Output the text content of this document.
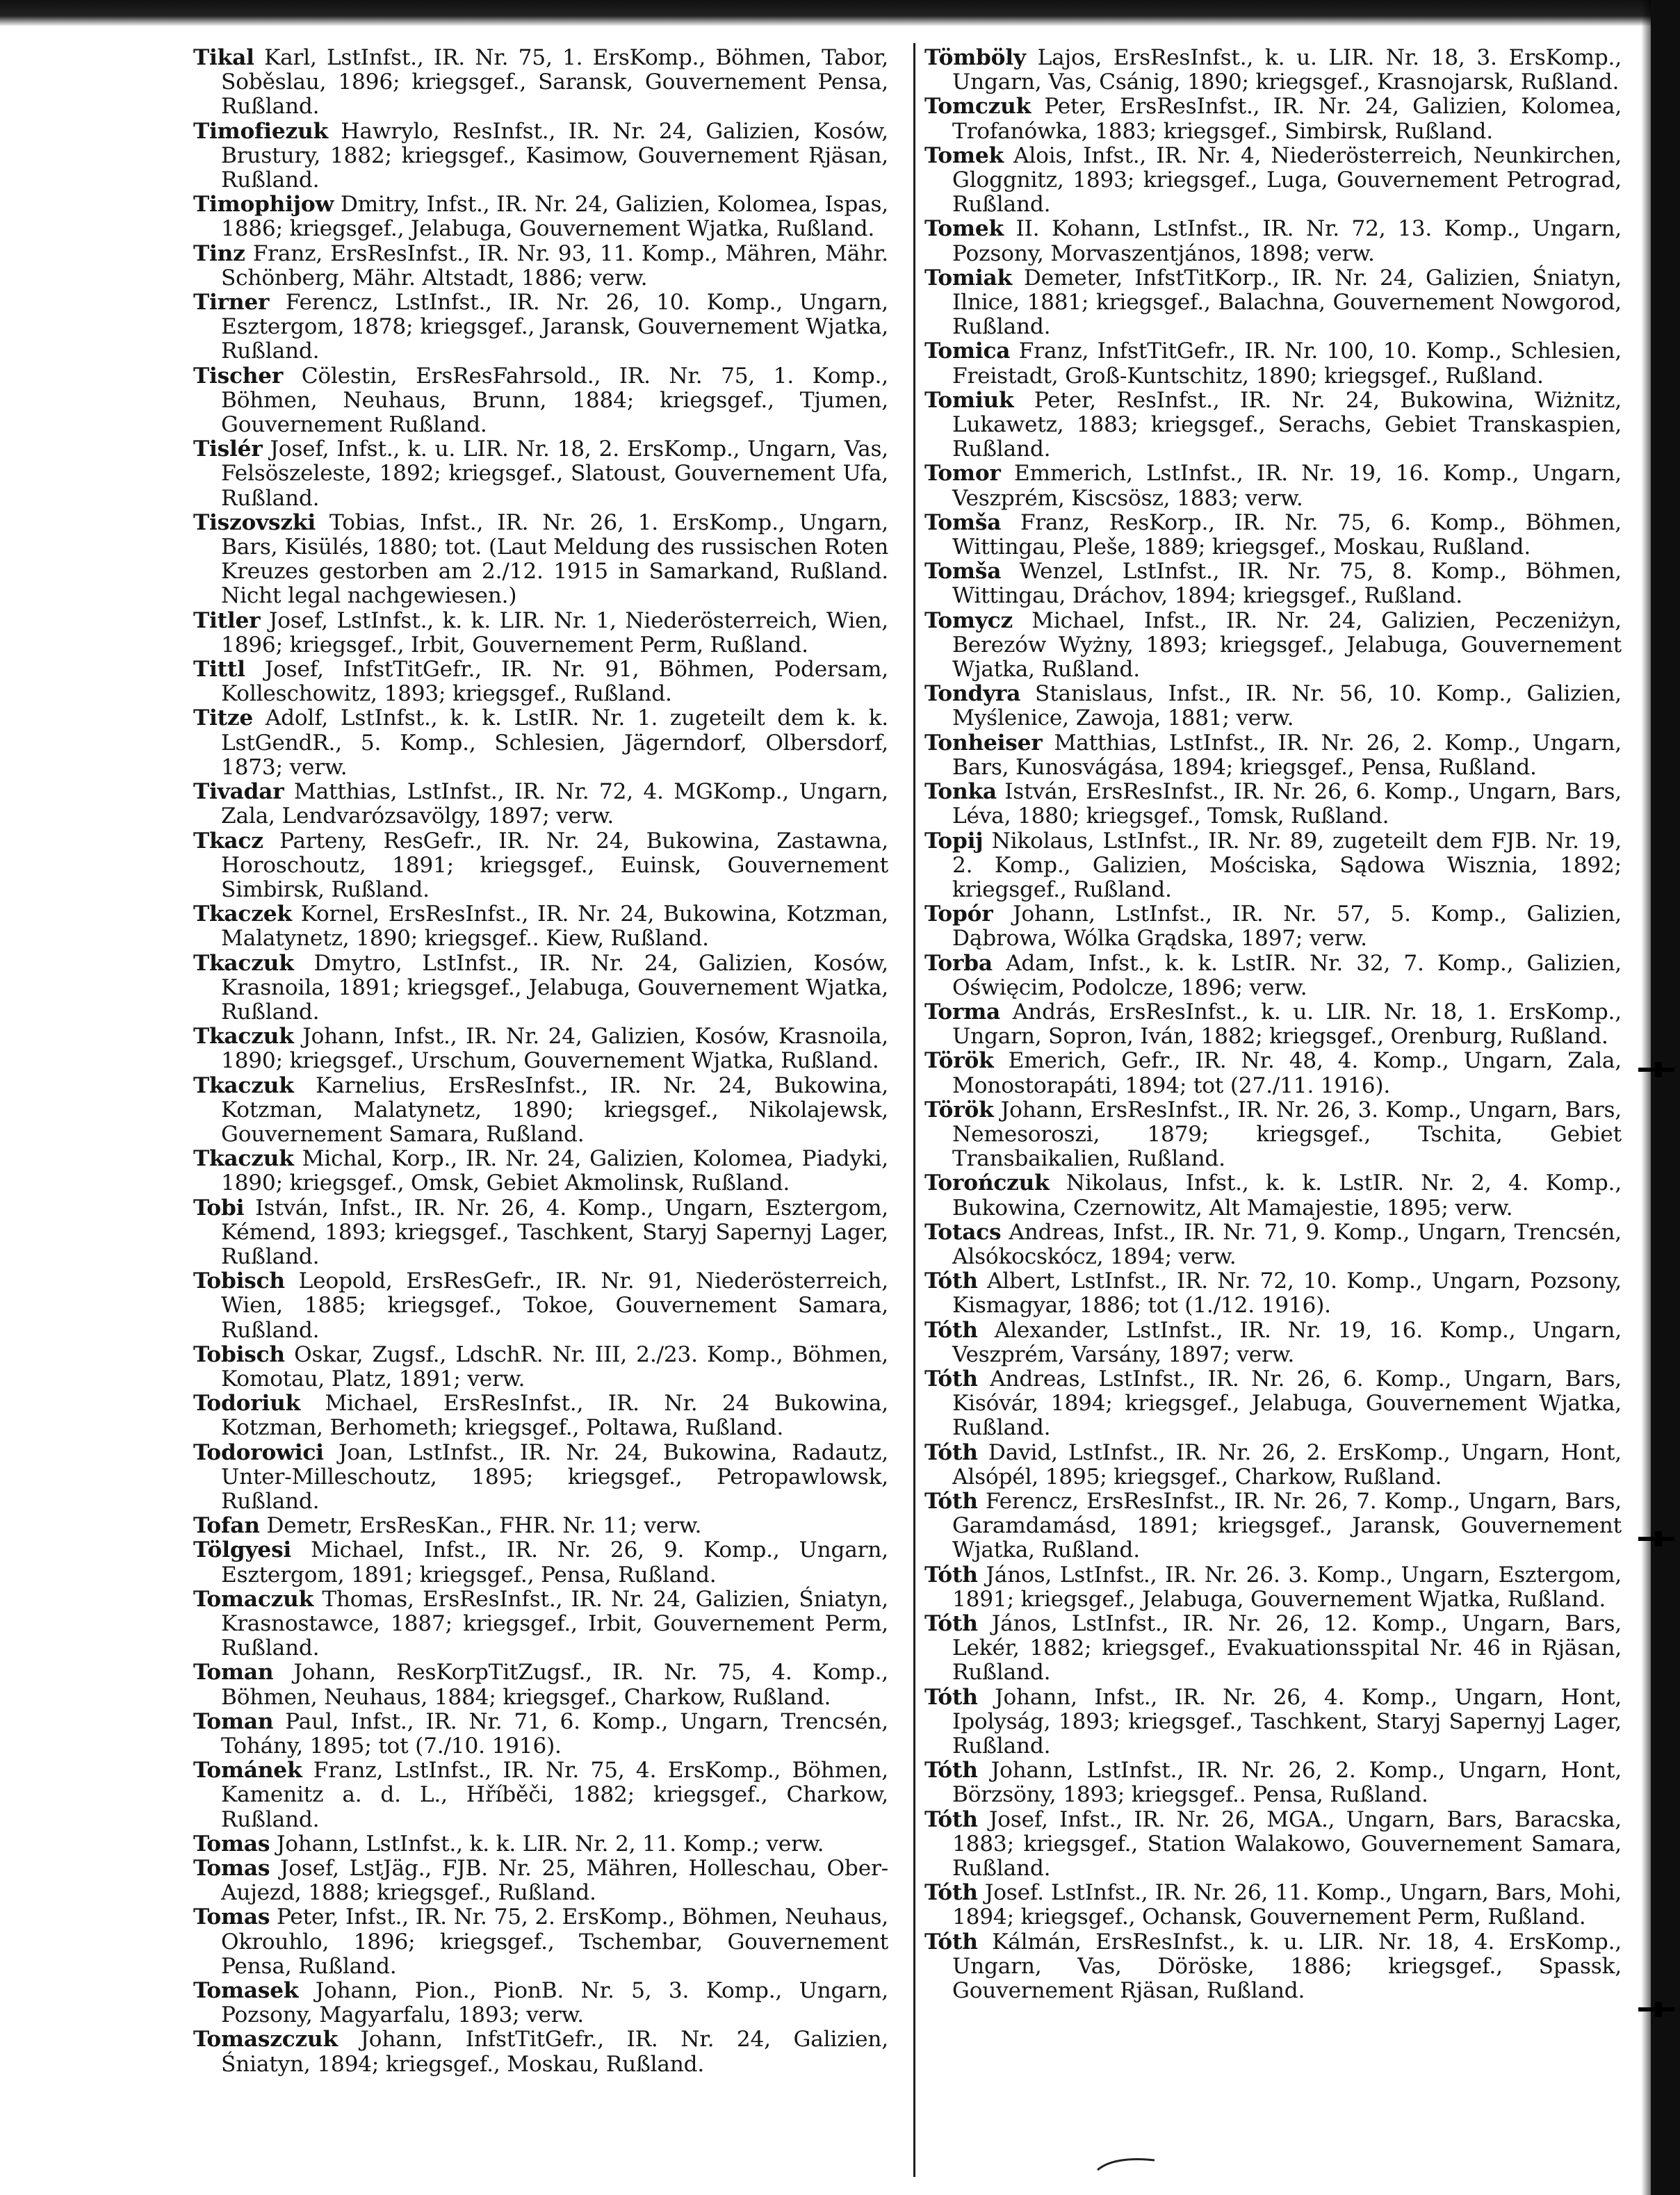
Tikal Karl, LstInfst., IR. Nr. 75, 1. ErsKomp., Böhmen, Tabor, Soběslau, 1896; kriegsgef., Saransk, Gouvernement Pensa, Rußland.

Timofiezuk Hawrylo, ResInfst., IR. Nr. 24, Galizien, Kosów, Brustury, 1882; kriegsgef., Kasimow, Gouvernement Rjäsan, Rußland.

Timophijow Dmitry, Infst., IR. Nr. 24, Galizien, Kolomea, Ispas, 1886; kriegsgef., Jelabuga, Gouvernement Wjatka, Rußland.

Tinz Franz, ErsResInfst., IR. Nr. 93, 11. Komp., Mähren, Mähr. Schönberg, Mähr. Altstadt, 1886; verw.

Tirner Ferencz, LstInfst., IR. Nr. 26, 10. Komp., Ungarn, Esztergom, 1878; kriegsgef., Jaransk, Gouvernement Wjatka, Rußland.

Tischer Cölestin, ErsResFahrsold., IR. Nr. 75, 1. Komp., Böhmen, Neuhaus, Brunn, 1884; kriegsgef., Tjumen, Gouvernement Rußland.

Tislér Josef, Infst., k. u. LIR. Nr. 18, 2. ErsKomp., Ungarn, Vas, Felsöszeleste, 1892; kriegsgef., Slatoust, Gouvernement Ufa, Rußland.

Tiszovszki Tobias, Infst., IR. Nr. 26, 1. ErsKomp., Ungarn, Bars, Kisülés, 1880; tot. (Laut Meldung des russischen Roten Kreuzes gestorben am 2./12. 1915 in Samarkand, Rußland. Nicht legal nachgewiesen.)

Titler Josef, LstInfst., k. k. LIR. Nr. 1, Niederösterreich, Wien, 1896; kriegsgef., Irbit, Gouvernement Perm, Rußland.

Tittl Josef, InfstTitGefr., IR. Nr. 91, Böhmen, Podersam, Kolleschowitz, 1893; kriegsgef., Rußland.

Titze Adolf, LstInfst., k. k. LstIR. Nr. 1. zugeteilt dem k. k. LstGendR., 5. Komp., Schlesien, Jägerndorf, Olbersdorf, 1873; verw.

Tivadar Matthias, LstInfst., IR. Nr. 72, 4. MGKomp., Ungarn, Zala, Lendvarózsavölgy, 1897; verw.

Tkacz Parteny, ResGefr., IR. Nr. 24, Bukowina, Zastawna, Horoschoutz, 1891; kriegsgef., Euinsk, Gouvernement Simbirsk, Rußland.

Tkaczek Kornel, ErsResInfst., IR. Nr. 24, Bukowina, Kotzman, Malatynetz, 1890; kriegsgef.. Kiew, Rußland.

Tkaczuk Dmytro, LstInfst., IR. Nr. 24, Galizien, Kosów, Krasnoila, 1891; kriegsgef., Jelabuga, Gouvernement Wjatka, Rußland.

Tkaczuk Johann, Infst., IR. Nr. 24, Galizien, Kosów, Krasnoila, 1890; kriegsgef., Urschum, Gouvernement Wjatka, Rußland.

Tkaczuk Karnelius, ErsResInfst., IR. Nr. 24, Bukowina, Kotzman, Malatynetz, 1890; kriegsgef., Nikolajewsk, Gouvernement Samara, Rußland.

Tkaczuk Michal, Korp., IR. Nr. 24, Galizien, Kolomea, Piadyki, 1890; kriegsgef., Omsk, Gebiet Akmolinsk, Rußland.

Tobi István, Infst., IR. Nr. 26, 4. Komp., Ungarn, Esztergom, Kémend, 1893; kriegsgef., Taschkent, Staryj Sapernyj Lager, Rußland.

Tobisch Leopold, ErsResGefr., IR. Nr. 91, Niederösterreich, Wien, 1885; kriegsgef., Tokoe, Gouvernement Samara, Rußland.

Tobisch Oskar, Zugsf., LdschR. Nr. III, 2./23. Komp., Böhmen, Komotau, Platz, 1891; verw.

Todoriuk Michael, ErsResInfst., IR. Nr. 24 Bukowina, Kotzman, Berhometh; kriegsgef., Poltawa, Rußland.

Todorowici Joan, LstInfst., IR. Nr. 24, Bukowina, Radautz, Unter-Milleschoutz, 1895; kriegsgef., Petropawlowsk, Rußland.

Tofan Demetr, ErsResKan., FHR. Nr. 11; verw.

Tölgyesi Michael, Infst., IR. Nr. 26, 9. Komp., Ungarn, Esztergom, 1891; kriegsgef., Pensa, Rußland.

Tomaczuk Thomas, ErsResInfst., IR. Nr. 24, Galizien, Śniatyn, Krasnostawce, 1887; kriegsgef., Irbit, Gouvernement Perm, Rußland.

Toman Johann, ResKorpTitZugsf., IR. Nr. 75, 4. Komp., Böhmen, Neuhaus, 1884; kriegsgef., Charkow, Rußland.

Toman Paul, Infst., IR. Nr. 71, 6. Komp., Ungarn, Trencsén, Tohány, 1895; tot (7./10. 1916).

Tománek Franz, LstInfst., IR. Nr. 75, 4. ErsKomp., Böhmen, Kamenitz a. d. L., Hříběči, 1882; kriegsgef., Charkow, Rußland.

Tomas Johann, LstInfst., k. k. LIR. Nr. 2, 11. Komp.; verw.

Tomas Josef, LstJäg., FJB. Nr. 25, Mähren, Holleschau, Ober-Aujezd, 1888; kriegsgef., Rußland.

Tomas Peter, Infst., IR. Nr. 75, 2. ErsKomp., Böhmen, Neuhaus, Okrouhlo, 1896; kriegsgef., Tschembar, Gouvernement Pensa, Rußland.

Tomasek Johann, Pion., PionB. Nr. 5, 3. Komp., Ungarn, Pozsony, Magyarfalu, 1893; verw.

Tomaszczuk Johann, InfstTitGefr., IR. Nr. 24, Galizien, Śniatyn, 1894; kriegsgef., Moskau, Rußland.

Tömböly Lajos, ErsResInfst., k. u. LIR. Nr. 18, 3. ErsKomp., Ungarn, Vas, Csánig, 1890; kriegsgef., Krasnojarsk, Rußland.

Tomczuk Peter, ErsResInfst., IR. Nr. 24, Galizien, Kolomea, Trofanówka, 1883; kriegsgef., Simbirsk, Rußland.

Tomek Alois, Infst., IR. Nr. 4, Niederösterreich, Neunkirchen, Gloggnitz, 1893; kriegsgef., Luga, Gouvernement Petrograd, Rußland.

Tomek II. Kohann, LstInfst., IR. Nr. 72, 13. Komp., Ungarn, Pozsony, Morvaszentjános, 1898; verw.

Tomiak Demeter, InfstTitKorp., IR. Nr. 24, Galizien, Śniatyn, Ilnice, 1881; kriegsgef., Balachna, Gouvernement Nowgorod, Rußland.

Tomica Franz, InfstTitGefr., IR. Nr. 100, 10. Komp., Schlesien, Freistadt, Groß-Kuntschitz, 1890; kriegsgef., Rußland.

Tomiuk Peter, ResInfst., IR. Nr. 24, Bukowina, Wiżnitz, Lukawetz, 1883; kriegsgef., Serachs, Gebiet Transkaspien, Rußland.

Tomor Emmerich, LstInfst., IR. Nr. 19, 16. Komp., Ungarn, Veszprém, Kiscsösz, 1883; verw.

Tomša Franz, ResKorp., IR. Nr. 75, 6. Komp., Böhmen, Wittingau, Pleše, 1889; kriegsgef., Moskau, Rußland.

Tomša Wenzel, LstInfst., IR. Nr. 75, 8. Komp., Böhmen, Wittingau, Dráchov, 1894; kriegsgef., Rußland.

Tomycz Michael, Infst., IR. Nr. 24, Galizien, Peczeniżyn, Berezów Wyżny, 1893; kriegsgef., Jelabuga, Gouvernement Wjatka, Rußland.

Tondyra Stanislaus, Infst., IR. Nr. 56, 10. Komp., Galizien, Myślenice, Zawoja, 1881; verw.

Tonheiser Matthias, LstInfst., IR. Nr. 26, 2. Komp., Ungarn, Bars, Kunosvágása, 1894; kriegsgef., Pensa, Rußland.

Tonka István, ErsResInfst., IR. Nr. 26, 6. Komp., Ungarn, Bars, Léva, 1880; kriegsgef., Tomsk, Rußland.

Topij Nikolaus, LstInfst., IR. Nr. 89, zugeteilt dem FJB. Nr. 19, 2. Komp., Galizien, Mościska, Sądowa Wisznia, 1892; kriegsgef., Rußland.

Topór Johann, LstInfst., IR. Nr. 57, 5. Komp., Galizien, Dąbrowa, Wólka Grądska, 1897; verw.

Torba Adam, Infst., k. k. LstIR. Nr. 32, 7. Komp., Galizien, Oświęcim, Podolcze, 1896; verw.

Torma András, ErsResInfst., k. u. LIR. Nr. 18, 1. ErsKomp., Ungarn, Sopron, Iván, 1882; kriegsgef., Orenburg, Rußland.

Török Emerich, Gefr., IR. Nr. 48, 4. Komp., Ungarn, Zala, Monostorapáti, 1894; tot (27./11. 1916).

Török Johann, ErsResInfst., IR. Nr. 26, 3. Komp., Ungarn, Bars, Nemesoroszi, 1879; kriegsgef., Tschita, Gebiet Transbaikalien, Rußland.

Torończuk Nikolaus, Infst., k. k. LstIR. Nr. 2, 4. Komp., Bukowina, Czernowitz, Alt Mamajestie, 1895; verw.

Totacs Andreas, Infst., IR. Nr. 71, 9. Komp., Ungarn, Trencsén, Alsókocskócz, 1894; verw.

Tóth Albert, LstInfst., IR. Nr. 72, 10. Komp., Ungarn, Pozsony, Kismagyar, 1886; tot (1./12. 1916).

Tóth Alexander, LstInfst., IR. Nr. 19, 16. Komp., Ungarn, Veszprém, Varsány, 1897; verw.

Tóth Andreas, LstInfst., IR. Nr. 26, 6. Komp., Ungarn, Bars, Kisóvár, 1894; kriegsgef., Jelabuga, Gouvernement Wjatka, Rußland.

Tóth David, LstInfst., IR. Nr. 26, 2. ErsKomp., Ungarn, Hont, Alsópél, 1895; kriegsgef., Charkow, Rußland.

Tóth Ferencz, ErsResInfst., IR. Nr. 26, 7. Komp., Ungarn, Bars, Garamdamásd, 1891; kriegsgef., Jaransk, Gouvernement Wjatka, Rußland.

Tóth János, LstInfst., IR. Nr. 26. 3. Komp., Ungarn, Esztergom, 1891; kriegsgef., Jelabuga, Gouvernement Wjatka, Rußland.

Tóth János, LstInfst., IR. Nr. 26, 12. Komp., Ungarn, Bars, Lekér, 1882; kriegsgef., Evakuationsspital Nr. 46 in Rjäsan, Rußland.

Tóth Johann, Infst., IR. Nr. 26, 4. Komp., Ungarn, Hont, Ipolyság, 1893; kriegsgef., Taschkent, Staryj Sapernyj Lager, Rußland.

Tóth Johann, LstInfst., IR. Nr. 26, 2. Komp., Ungarn, Hont, Börzsöny, 1893; kriegsgef.. Pensa, Rußland.

Tóth Josef, Infst., IR. Nr. 26, MGA., Ungarn, Bars, Baracska, 1883; kriegsgef., Station Walakowo, Gouvernement Samara, Rußland.

Tóth Josef. LstInfst., IR. Nr. 26, 11. Komp., Ungarn, Bars, Mohi, 1894; kriegsgef., Ochansk, Gouvernement Perm, Rußland.

Tóth Kálmán, ErsResInfst., k. u. LIR. Nr. 18, 4. ErsKomp., Ungarn, Vas, Döröske, 1886; kriegsgef., Spassk, Gouvernement Rjäsan, Rußland.
